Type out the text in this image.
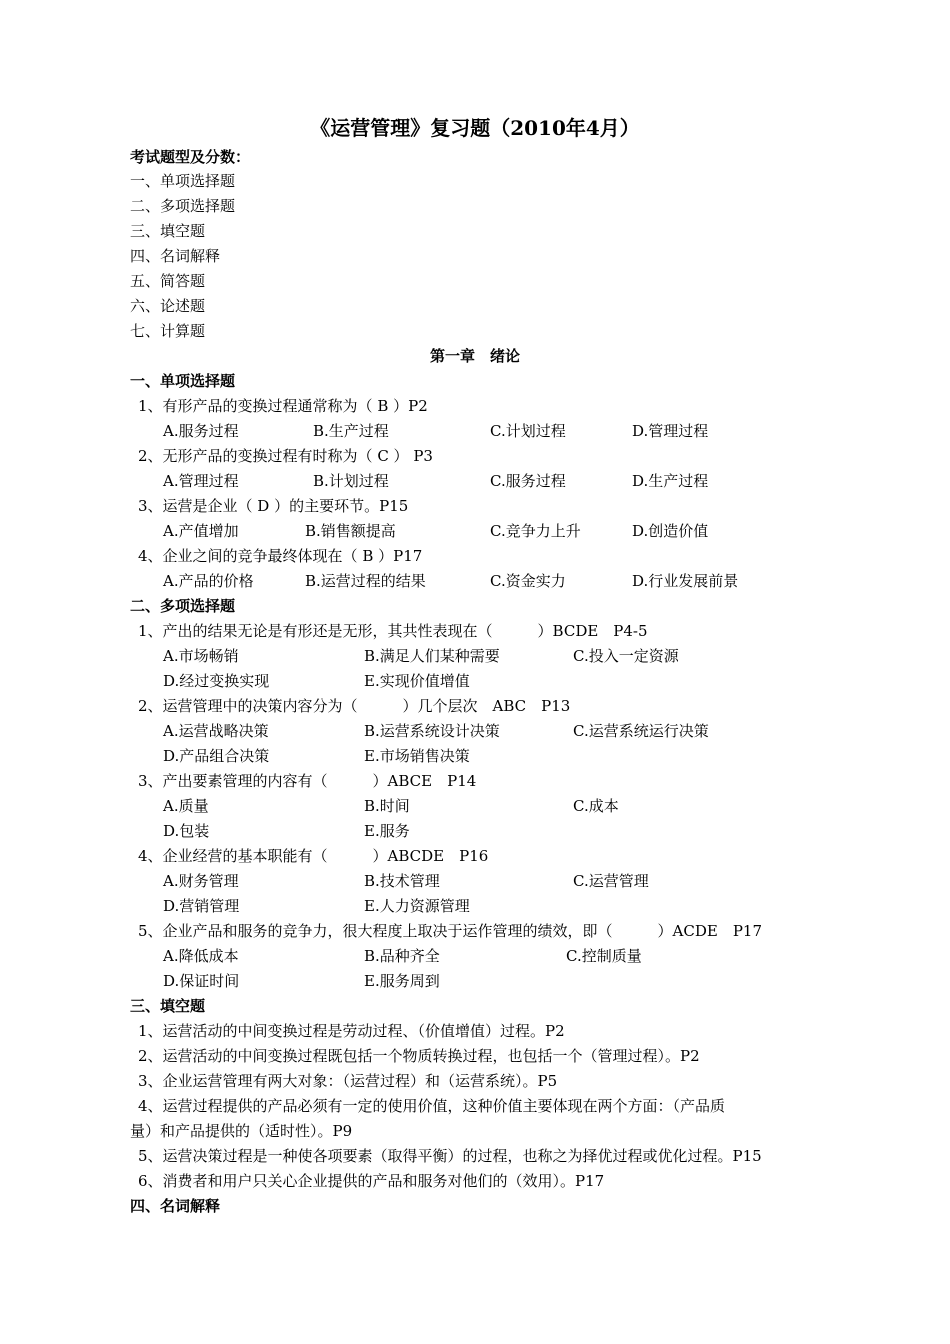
《运营管理》复习题（2010年4月）
考试题型及分数：
一、单项选择题
二、多项选择题
三、填空题
四、名词解释
五、简答题
六、论述题
七、计算题
第一章　绪论
一、单项选择题
1、有形产品的变换过程通常称为（ B ）P2
A.服务过程	B.生产过程	C.计划过程	D.管理过程
2、无形产品的变换过程有时称为（ C ） P3
A.管理过程	B.计划过程	C.服务过程	D.生产过程
3、运营是企业（ D ）的主要环节。P15
A.产值增加	B.销售额提高	C.竞争力上升	D.创造价值
4、企业之间的竞争最终体现在（ B ）P17
A.产品的价格	B.运营过程的结果	C.资金实力	D.行业发展前景
二、多项选择题
1、产出的结果无论是有形还是无形，其共性表现在（　　　）BCDE　P4-5
A.市场畅销	B.满足人们某种需要	C.投入一定资源
D.经过变换实现	E.实现价值增值
2、运营管理中的决策内容分为（　　　）几个层次　ABC　P13
A.运营战略决策	B.运营系统设计决策	C.运营系统运行决策
D.产品组合决策	E.市场销售决策
3、产出要素管理的内容有（　　　）ABCE　P14
A.质量	B.时间	C.成本
D.包装	E.服务
4、企业经营的基本职能有（　　　）ABCDE　P16
A.财务管理	B.技术管理	C.运营管理
D.营销管理	E.人力资源管理
5、企业产品和服务的竞争力，很大程度上取决于运作管理的绩效，即（　　　）ACDE　P17
A.降低成本	B.品种齐全	C.控制质量
D.保证时间	E.服务周到
三、填空题
1、运营活动的中间变换过程是劳动过程、（价值增值）过程。P2
2、运营活动的中间变换过程既包括一个物质转换过程，也包括一个（管理过程）。P2
3、企业运营管理有两大对象：（运营过程）和（运营系统）。P5
4、运营过程提供的产品必须有一定的使用价值，这种价值主要体现在两个方面：（产品质
量）和产品提供的（适时性）。P9
5、运营决策过程是一种使各项要素（取得平衡）的过程，也称之为择优过程或优化过程。P15
6、消费者和用户只关心企业提供的产品和服务对他们的（效用）。P17
四、名词解释
